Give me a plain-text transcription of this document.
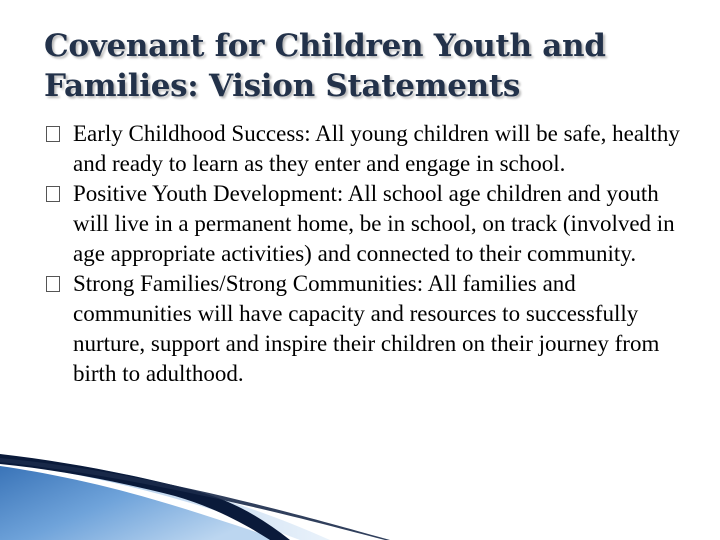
Covenant for Children Youth and
Families: Vision Statements
Early Childhood Success: All young children will be safe, healthy and ready to learn as they enter and engage in school.
Positive Youth Development: All school age children and youth will live in a permanent home, be in school, on track (involved in age appropriate activities) and connected to their community.
Strong Families/Strong Communities: All families and communities will have capacity and resources to successfully nurture, support and inspire their children on their journey from birth to adulthood.
